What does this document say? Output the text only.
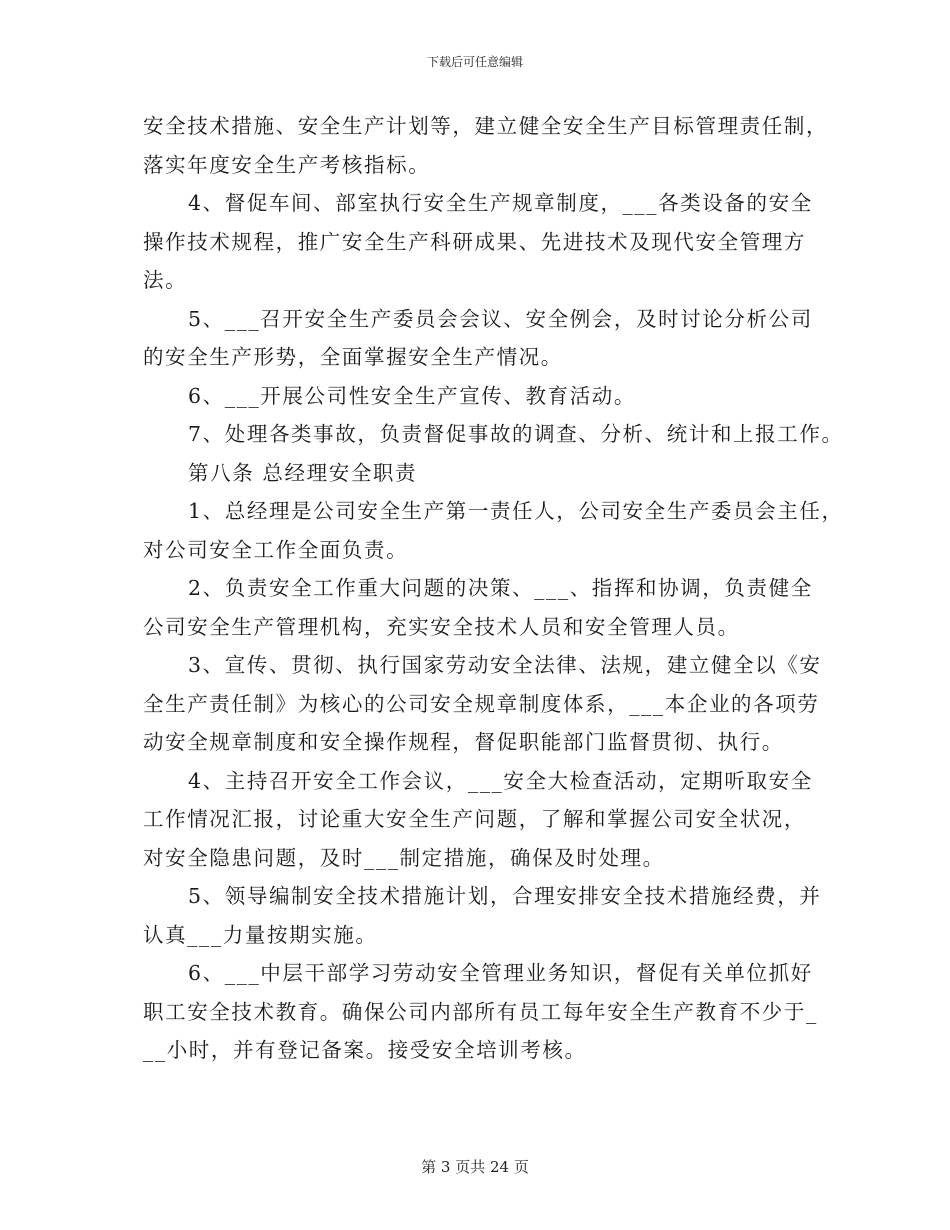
下载后可任意编辑
安全技术措施、安全生产计划等，建立健全安全生产目标管理责任制，
落实年度安全生产考核指标。
4、督促车间、部室执行安全生产规章制度，___各类设备的安全
操作技术规程，推广安全生产科研成果、先进技术及现代安全管理方
法。
5、___召开安全生产委员会会议、安全例会，及时讨论分析公司
的安全生产形势，全面掌握安全生产情况。
6、___开展公司性安全生产宣传、教育活动。
7、处理各类事故，负责督促事故的调查、分析、统计和上报工作。
第八条 总经理安全职责
1、总经理是公司安全生产第一责任人，公司安全生产委员会主任，
对公司安全工作全面负责。
2、负责安全工作重大问题的决策、___、指挥和协调，负责健全
公司安全生产管理机构，充实安全技术人员和安全管理人员。
3、宣传、贯彻、执行国家劳动安全法律、法规，建立健全以《安
全生产责任制》为核心的公司安全规章制度体系，___本企业的各项劳
动安全规章制度和安全操作规程，督促职能部门监督贯彻、执行。
4、主持召开安全工作会议，___安全大检查活动，定期听取安全
工作情况汇报，讨论重大安全生产问题，了解和掌握公司安全状况，
对安全隐患问题，及时___制定措施，确保及时处理。
5、领导编制安全技术措施计划，合理安排安全技术措施经费，并
认真___力量按期实施。
6、___中层干部学习劳动安全管理业务知识，督促有关单位抓好
职工安全技术教育。确保公司内部所有员工每年安全生产教育不少于_
__小时，并有登记备案。接受安全培训考核。
第 3 页共 24 页
